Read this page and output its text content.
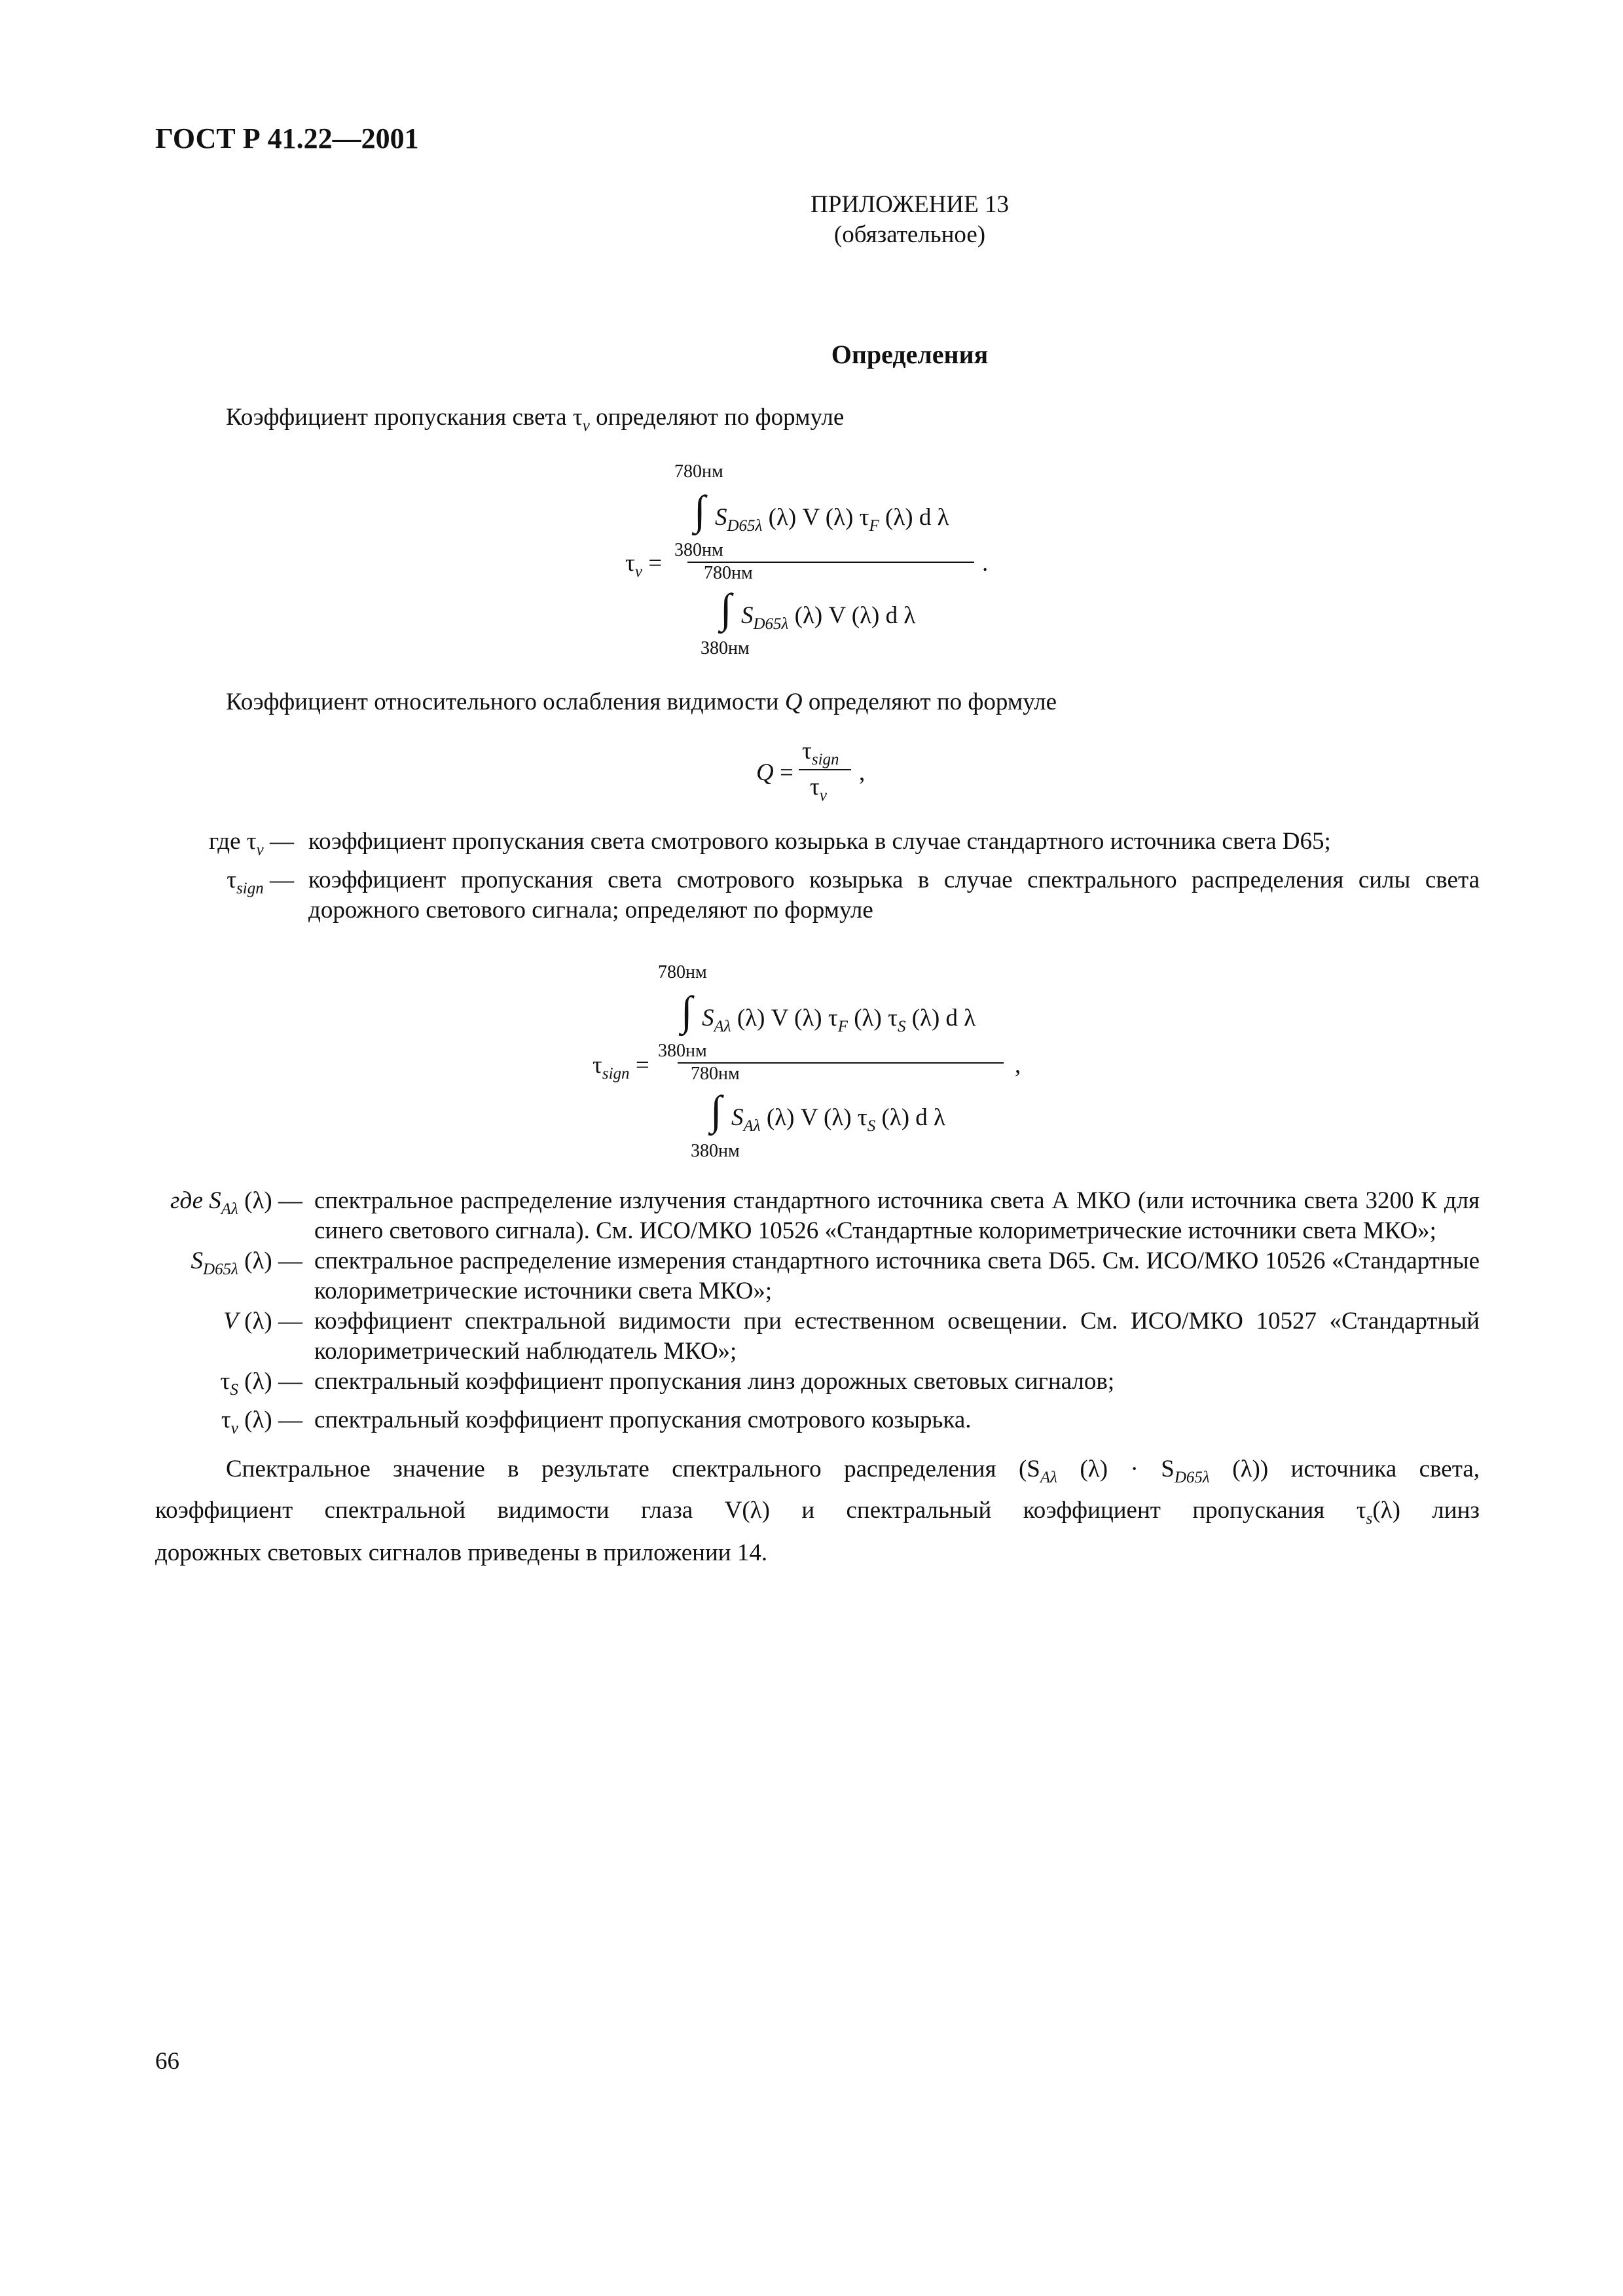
ГОСТ Р 41.22—2001
ПРИЛОЖЕНИЕ 13
(обязательное)
Определения
Коэффициент пропускания света $\tau_v$ определяют по формуле
780нм
∫ $S_{D65\lambda}$ (λ) V (λ) $\tau_F$ (λ) d λ
$\tau_v = 380нм$	.
780нм
∫ $S_{D65\lambda}$ (λ) V (λ) d λ
380нм
Коэффициент относительного ослабления видимости Q определяют по формуле
Q =
$\tau_{sign}$
$\tau_v$
,
где $\tau_v$ — коэффициент пропускания света смотрового козырька в случае стандартного источника света D65;
$\tau_{sign}$ — коэффициент пропускания света смотрового козырька в случае спектрального распределения силы света дорожного светового сигнала; определяют по формуле
780нм
∫ $S_{A\lambda}$ (λ) V (λ) $\tau_F$ (λ) $\tau_S$ (λ) d λ
$\tau_{sign}$ =
380нм
,
780нм
∫ $S_{A\lambda}$ (λ) V (λ) $\tau_S$ (λ) d λ
380нм
где $S_{A\lambda}$ (λ) — спектральное распределение излучения стандартного источника света А МКО (или источника света 3200 К для синего светового сигнала). См. ИСО/МКО 10526 «Стандартные колориметрические источники света МКО»;
$S_{D65\lambda}$ (λ) — спектральное распределение измерения стандартного источника света D65. См. ИСО/МКО 10526 «Стандартные колориметрические источники света МКО»;
V (λ) — коэффициент спектральной видимости при естественном освещении. См. ИСО/МКО 10527 «Стандартный колориметрический наблюдатель МКО»;
$\tau_S$ (λ) — спектральный коэффициент пропускания линз дорожных световых сигналов;
$\tau_v$ (λ) — спектральный коэффициент пропускания смотрового козырька.
Спектральное значение в результате спектрального распределения ($S_{A\lambda}$ $(\lambda) \cdot S_{D65\lambda}$ (λ)) источника света,
коэффициент спектральной видимости глаза V(λ) и спектральный коэффициент пропускания $\tau_s(\lambda)$ линз
дорожных световых сигналов приведены в приложении 14.
66
